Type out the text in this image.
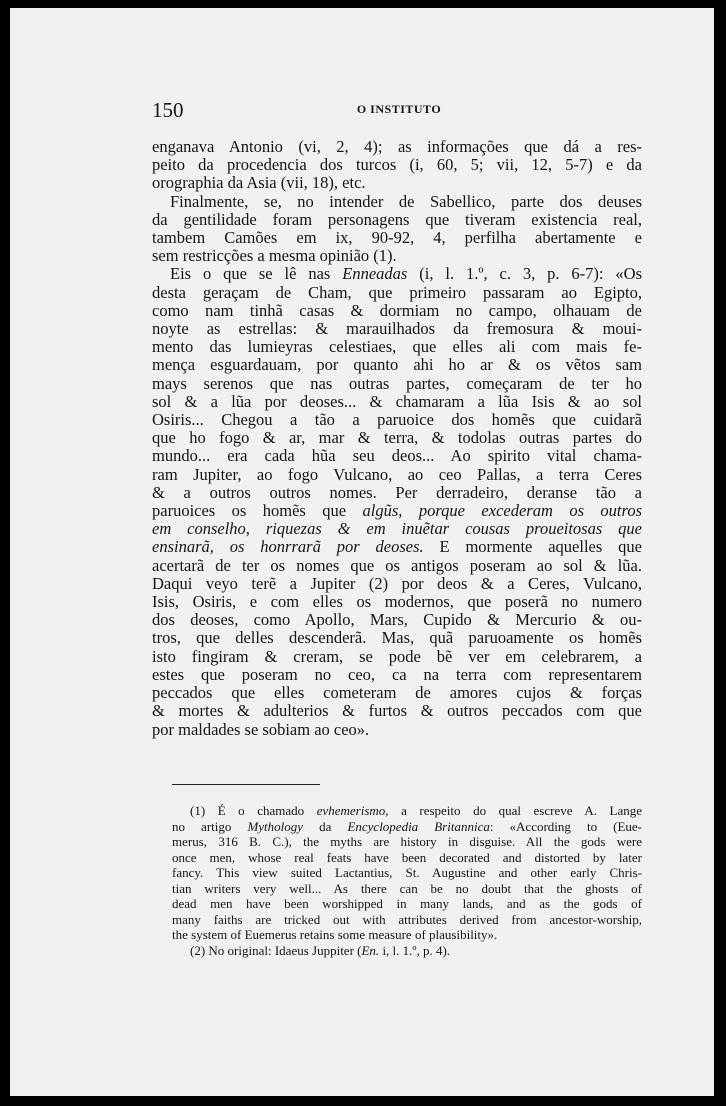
150	O INSTITUTO
enganava Antonio (vi, 2, 4); as informações que dá a res-
peito da procedencia dos turcos (i, 60, 5; vii, 12, 5-7) e da
orographia da Asia (vii, 18), etc.
Finalmente, se, no intender de Sabellico, parte dos deuses
da gentilidade foram personagens que tiveram existencia real,
tambem Camões em ix, 90-92, 4, perfilha abertamente e
sem restricções a mesma opinião (1).
Eis o que se lê nas Enneadas (i, l. 1.º, c. 3, p. 6-7): «Os
desta geraçam de Cham, que primeiro passaram ao Egipto,
como nam tinhã casas & dormiam no campo, olhauam de
noyte as estrellas: & marauilhados da fremosura & moui-
mento das lumieyras celestiaes, que elles ali com mais fe-
mença esguardauam, por quanto ahi ho ar & os vẽtos sam
mays serenos que nas outras partes, começaram de ter ho
sol & a lũa por deoses... & chamaram a lũa Isis & ao sol
Osiris... Chegou a tão a paruoice dos homẽs que cuidarã
que ho fogo & ar, mar & terra, & todolas outras partes do
mundo... era cada hũa seu deos... Ao spirito vital chama-
ram Jupiter, ao fogo Vulcano, ao ceo Pallas, a terra Ceres
& a outros outros nomes. Per derradeiro, deranse tão a
paruoices os homẽs que algũs, porque excederam os outros
em conselho, riquezas & em inuẽtar cousas proueitosas que
ensinarã, os honrrarã por deoses. E mormente aquelles que
acertarã de ter os nomes que os antigos poseram ao sol & lũa.
Daqui veyo terẽ a Jupiter (2) por deos & a Ceres, Vulcano,
Isis, Osiris, e com elles os modernos, que poserã no numero
dos deoses, como Apollo, Mars, Cupido & Mercurio & ou-
tros, que delles descenderã. Mas, quã paruoamente os homẽs
isto fingiram & creram, se pode bẽ ver em celebrarem, a
estes que poseram no ceo, ca na terra com representarem
peccados que elles cometeram de amores cujos & forças
& mortes & adulterios & furtos & outros peccados com que
por maldades se sobiam ao ceo».
(1) É o chamado evhemerismo, a respeito do qual escreve A. Lange
no artigo Mythology da Encyclopedia Britannica: «According to (Eue-
merus, 316 B. C.), the myths are history in disguise. All the gods were
once men, whose real feats have been decorated and distorted by later
fancy. This view suited Lactantius, St. Augustine and other early Chris-
tian writers very well... As there can be no doubt that the ghosts of
dead men have been worshipped in many lands, and as the gods of
many faiths are tricked out with attributes derived from ancestor-worship,
the system of Euemerus retains some measure of plausibility».
(2) No original: Idaeus Juppiter (En. i, l. 1.º, p. 4).
